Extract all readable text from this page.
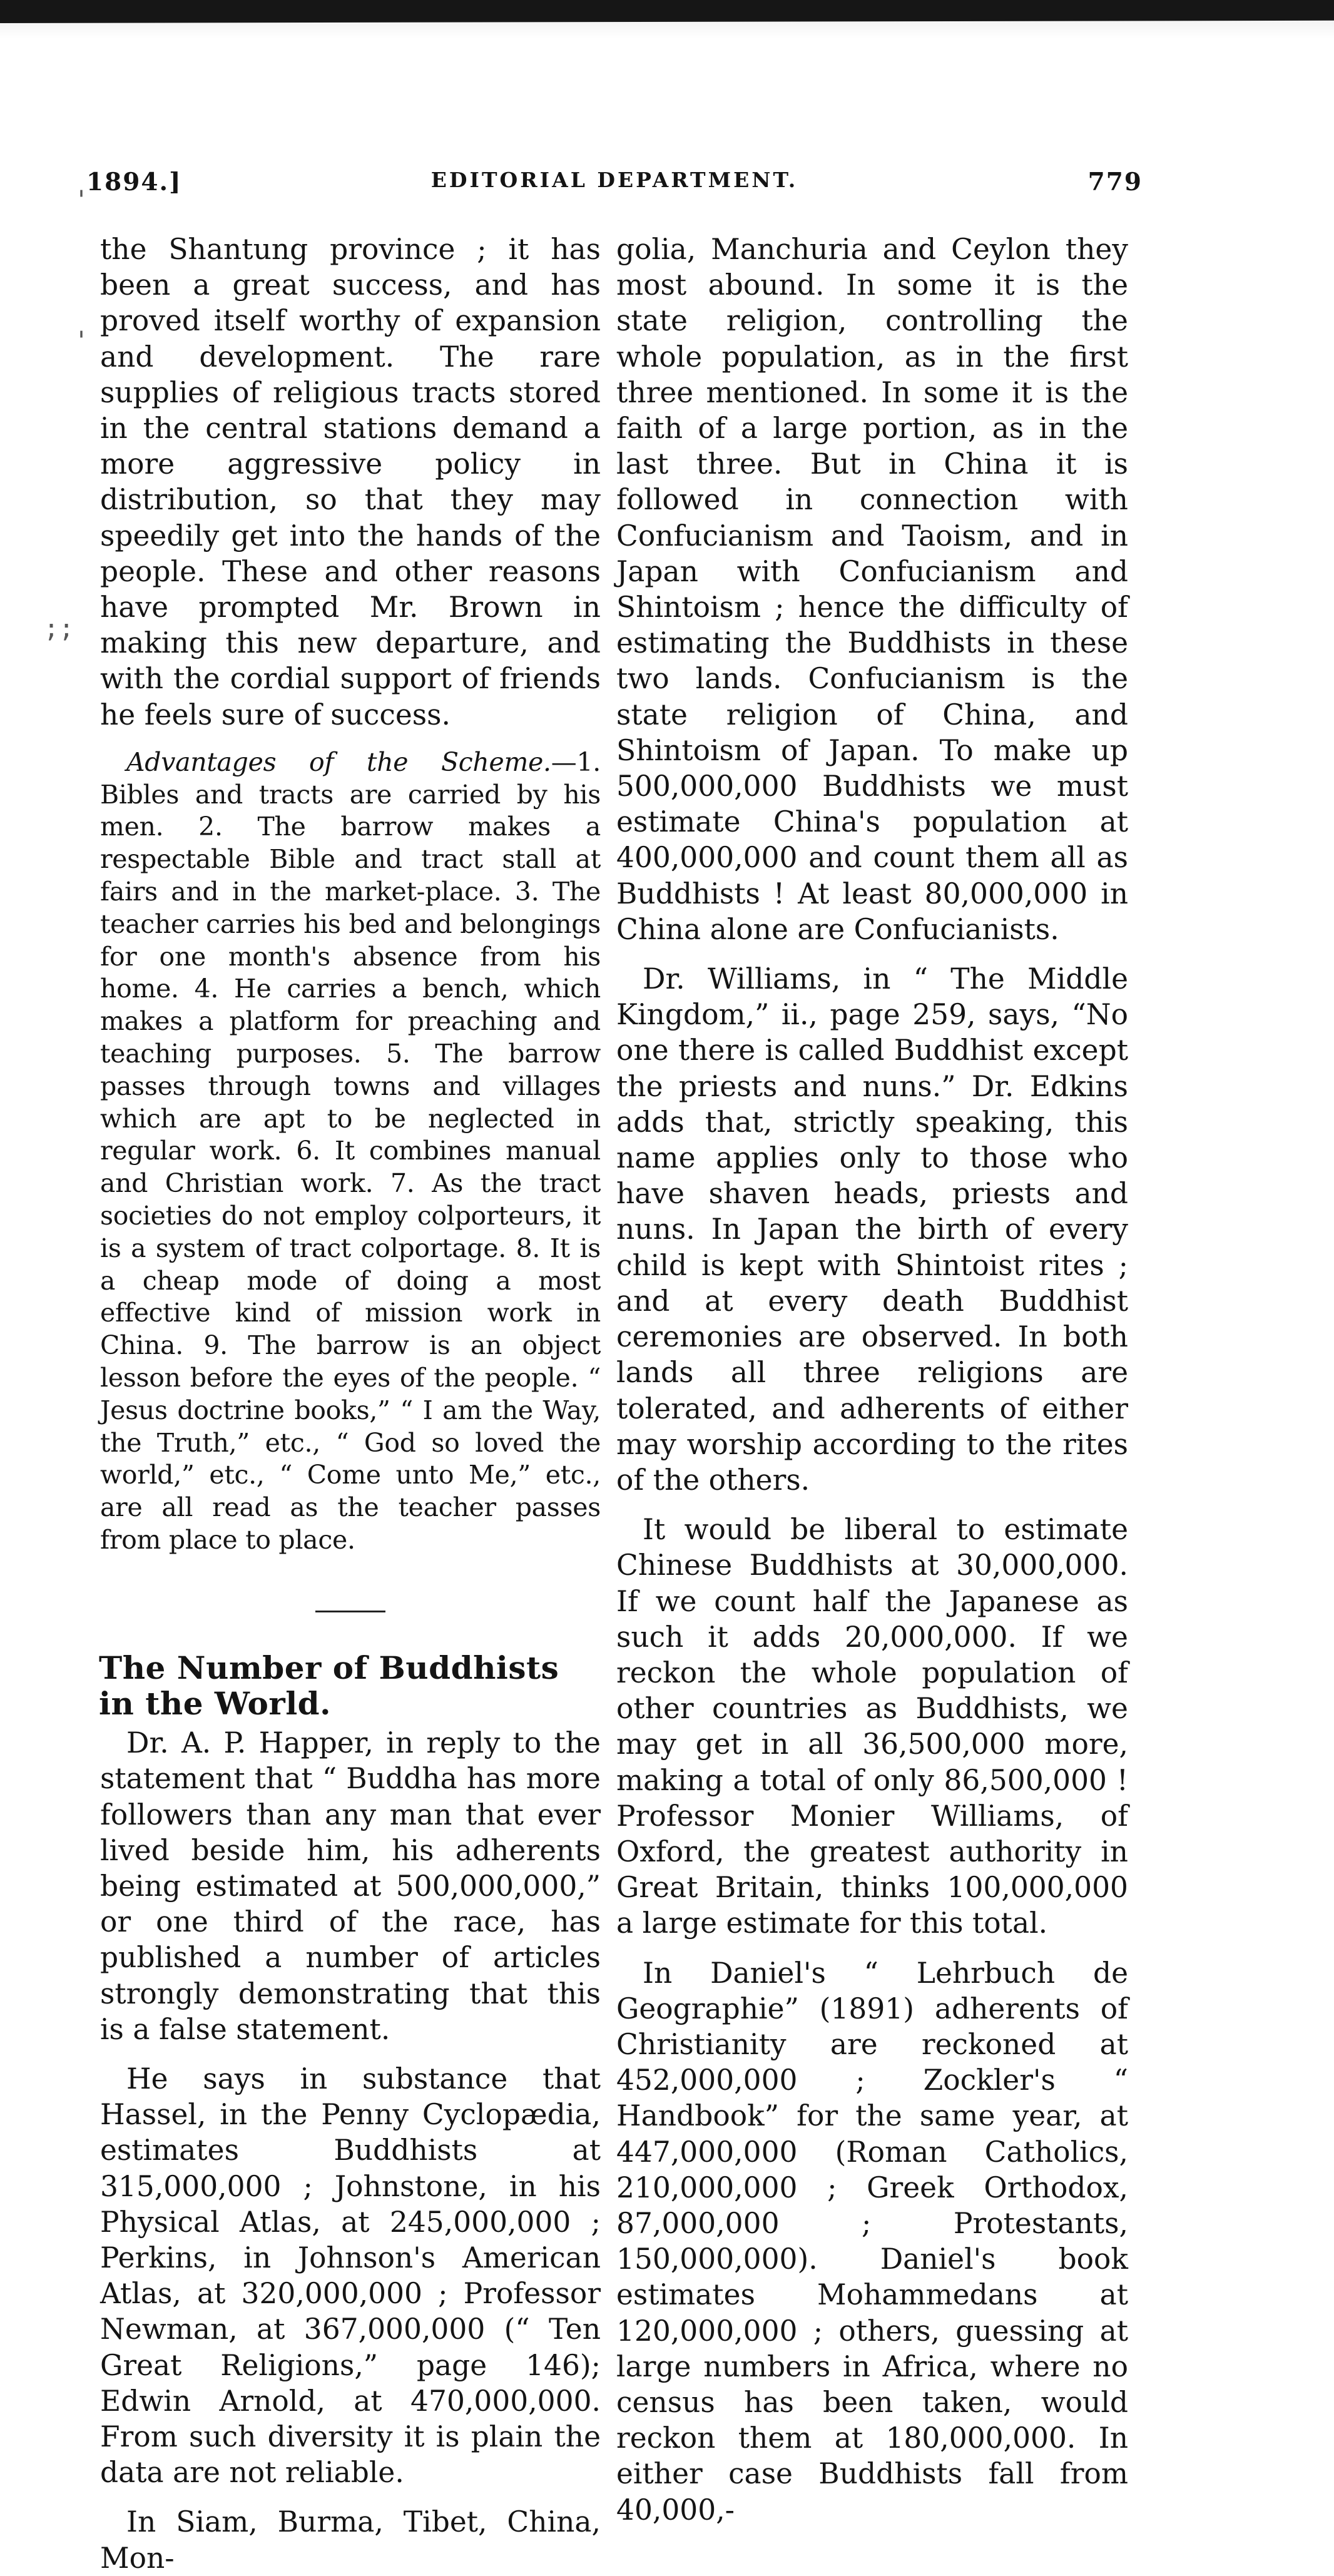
'
'
;;
1894.]	EDITORIAL DEPARTMENT.	779

the Shantung province ; it has been a great success, and has proved itself worthy of expansion and development. The rare supplies of religious tracts stored in the central stations demand a more aggressive policy in distribution, so that they may speedily get into the hands of the people. These and other reasons have prompted Mr. Brown in making this new departure, and with the cordial support of friends he feels sure of success.

Advantages of the Scheme.—1. Bibles and tracts are carried by his men. 2. The barrow makes a respectable Bible and tract stall at fairs and in the market-place. 3. The teacher carries his bed and belongings for one month's absence from his home. 4. He carries a bench, which makes a platform for preaching and teaching purposes. 5. The barrow passes through towns and villages which are apt to be neglected in regular work. 6. It combines manual and Christian work. 7. As the tract societies do not employ colporteurs, it is a system of tract colportage. 8. It is a cheap mode of doing a most effective kind of mission work in China. 9. The barrow is an object lesson before the eyes of the people. “ Jesus doctrine books,” “ I am the Way, the Truth,” etc., “ God so loved the world,” etc., “ Come unto Me,” etc., are all read as the teacher passes from place to place.

The Number of Buddhists in the World.

Dr. A. P. Happer, in reply to the statement that “ Buddha has more followers than any man that ever lived beside him, his adherents being estimated at 500,000,000,” or one third of the race, has published a number of articles strongly demonstrating that this is a false statement.

He says in substance that Hassel, in the Penny Cyclopædia, estimates Buddhists at 315,000,000 ; Johnstone, in his Physical Atlas, at 245,000,000 ; Perkins, in Johnson's American Atlas, at 320,000,000 ; Professor Newman, at 367,000,000 (“ Ten Great Religions,” page 146); Edwin Arnold, at 470,000,000. From such diversity it is plain the data are not reliable.

In Siam, Burma, Tibet, China, Mon-

golia, Manchuria and Ceylon they most abound. In some it is the state religion, controlling the whole population, as in the first three mentioned. In some it is the faith of a large portion, as in the last three. But in China it is followed in connection with Confucianism and Taoism, and in Japan with Confucianism and Shintoism ; hence the difficulty of estimating the Buddhists in these two lands. Confucianism is the state religion of China, and Shintoism of Japan. To make up 500,000,000 Buddhists we must estimate China's population at 400,000,000 and count them all as Buddhists ! At least 80,000,000 in China alone are Confucianists.

Dr. Williams, in “ The Middle Kingdom,” ii., page 259, says, “No one there is called Buddhist except the priests and nuns.” Dr. Edkins adds that, strictly speaking, this name applies only to those who have shaven heads, priests and nuns. In Japan the birth of every child is kept with Shintoist rites ; and at every death Buddhist ceremonies are observed. In both lands all three religions are tolerated, and adherents of either may worship according to the rites of the others.

It would be liberal to estimate Chinese Buddhists at 30,000,000. If we count half the Japanese as such it adds 20,000,000. If we reckon the whole population of other countries as Buddhists, we may get in all 36,500,000 more, making a total of only 86,500,000 ! Professor Monier Williams, of Oxford, the greatest authority in Great Britain, thinks 100,000,000 a large estimate for this total.

In Daniel's “ Lehrbuch de Geographie” (1891) adherents of Christianity are reckoned at 452,000,000 ; Zockler's “ Handbook” for the same year, at 447,000,000 (Roman Catholics, 210,000,000 ; Greek Orthodox, 87,000,000 ; Protestants, 150,000,000). Daniel's book estimates Mohammedans at 120,000,000 ; others, guessing at large numbers in Africa, where no census has been taken, would reckon them at 180,000,000. In either case Buddhists fall from 40,000,-
